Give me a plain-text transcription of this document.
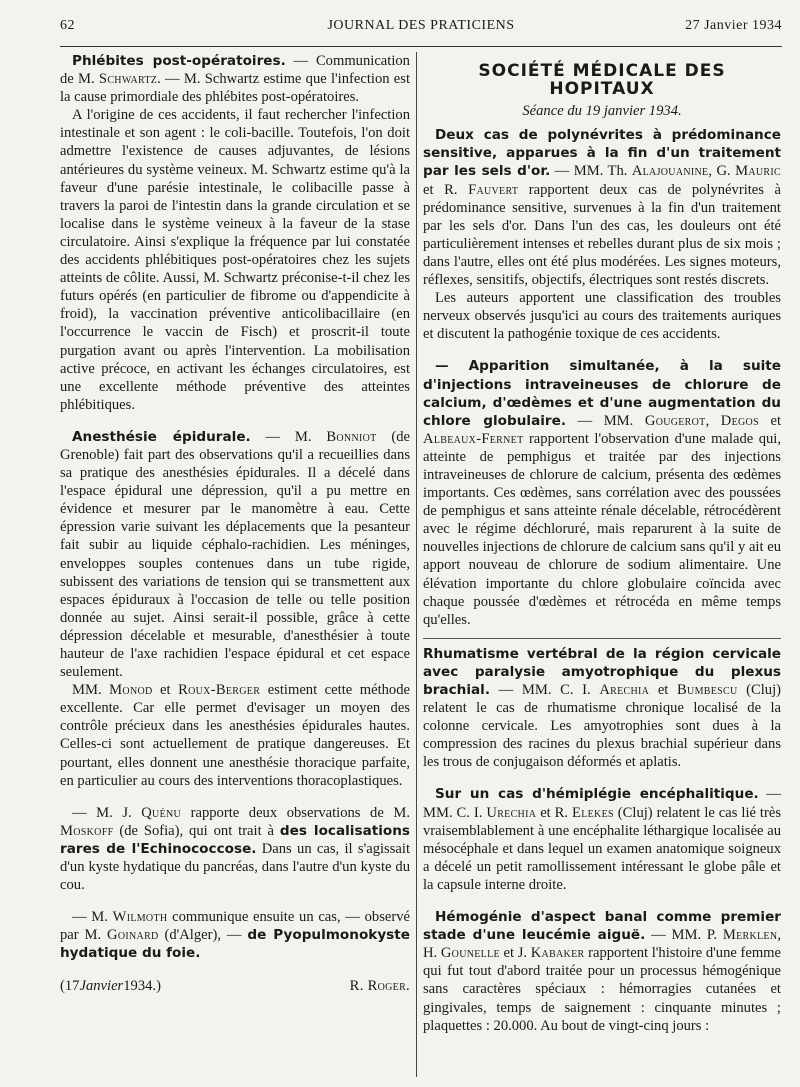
62	JOURNAL DES PRATICIENS	27 Janvier 1934

Phlébites post-opératoires. — Communication de M. Schwartz. — M. Schwartz estime que l'infection est la cause primordiale des phlébites post-opératoires.

A l'origine de ces accidents, il faut rechercher l'infection intestinale et son agent : le coli-bacille. Toutefois, l'on doit admettre l'existence de causes adjuvantes, de lésions antérieures du système veineux. M. Schwartz estime qu'à la faveur d'une parésie intestinale, le colibacille passe à travers la paroi de l'intestin dans la grande circulation et se localise dans le système veineux à la faveur de la stase circulatoire. Ainsi s'explique la fréquence par lui constatée des accidents phlébitiques post-opératoires chez les sujets atteints de côlite. Aussi, M. Schwartz préconise-t-il chez les futurs opérés (en particulier de fibrome ou d'appendicite à froid), la vaccination préventive anticolibacillaire (en l'occurrence le vaccin de Fisch) et proscrit-il toute purgation avant ou après l'intervention. La mobilisation active précoce, en activant les échanges circulatoires, est une excellente méthode préventive des atteintes phlébitiques.

Anesthésie épidurale. — M. Bonniot (de Grenoble) fait part des observations qu'il a recueillies dans sa pratique des anesthésies épidurales. Il a décelé dans l'espace épidural une dépression, qu'il a pu mettre en évidence et mesurer par le manomètre à eau. Cette épression varie suivant les déplacements que la pesanteur fait subir au liquide céphalo-rachidien. Les méninges, enveloppes souples contenues dans un tube rigide, subissent des variations de tension qui se transmettent aux espaces épiduraux à l'occasion de telle ou telle position donnée au sujet. Ainsi serait-il possible, grâce à cette dépression décelable et mesurable, d'anesthésier à toute hauteur de l'axe rachidien l'espace épidural et cet espace seulement.

MM. Monod et Roux-Berger estiment cette méthode excellente. Car elle permet d'evisager un moyen des contrôle précieux dans les anesthésies épidurales hautes. Celles-ci sont actuellement de pratique dangereuses. Et pourtant, elles donnent une anesthésie thoracique parfaite, en particulier au cours des interventions thoracoplastiques.

— M. J. Quénu rapporte deux observations de M. Moskoff (de Sofia), qui ont trait à des localisations rares de l'Echinococcose. Dans un cas, il s'agissait d'un kyste hydatique du pancréas, dans l'autre d'un kyste du cou.

— M. Wilmoth communique ensuite un cas, — observé par M. Goinard (d'Alger), — de Pyopulmonokyste hydatique du foie.

(17Janvier1934.)	R. Roger.
SOCIÉTÉ MÉDICALE DES HOPITAUX
Séance du 19 janvier 1934.

Deux cas de polynévrites à prédominance sensitive, apparues à la fin d'un traitement par les sels d'or. — MM. Th. Alajouanine, G. Mauric et R. Fauvert rapportent deux cas de polynévrites à prédominance sensitive, survenues à la fin d'un traitement par les sels d'or. Dans l'un des cas, les douleurs ont été particulièrement intenses et rebelles durant plus de six mois ; dans l'autre, elles ont été plus modérées. Les signes moteurs, réflexes, sensitifs, objectifs, électriques sont restés discrets.

Les auteurs apportent une classification des troubles nerveux observés jusqu'ici au cours des traitements auriques et discutent la pathogénie toxique de ces accidents.

— Apparition simultanée, à la suite d'injections intraveineuses de chlorure de calcium, d'œdèmes et d'une augmentation du chlore globulaire. — MM. Gougerot, Degos et Albeaux-Fernet rapportent l'observation d'une malade qui, atteinte de pemphigus et traitée par des injections intraveineuses de chlorure de calcium, présenta des œdèmes importants. Ces œdèmes, sans corrélation avec des poussées de pemphigus et sans atteinte rénale décelable, rétrocédèrent avec le régime déchloruré, mais reparurent à la suite de nouvelles injections de chlorure de calcium sans qu'il y ait eu apport nouveau de chlorure de sodium alimentaire. Une élévation importante du chlore globulaire coïncida avec chaque poussée d'œdèmes et rétrocéda en même temps qu'elles.

Rhumatisme vertébral de la région cervicale avec paralysie amyotrophique du plexus brachial. — MM. C. I. Arechia et Bumbescu (Cluj) relatent le cas de rhumatisme chronique localisé de la colonne cervicale. Les amyotrophies sont dues à la compression des racines du plexus brachial supérieur dans les trous de conjugaison déformés et aplatis.

Sur un cas d'hémiplégie encéphalitique. — MM. C. I. Urechia et R. Elekes (Cluj) relatent le cas lié très vraisemblablement à une encéphalite léthargique localisée au mésocéphale et dans lequel un examen anatomique soigneux a décelé un petit ramollissement intéressant le globe pâle et la capsule interne droite.

Hémogénie d'aspect banal comme premier stade d'une leucémie aiguë. — MM. P. Merklen, H. Gounelle et J. Kabaker rapportent l'histoire d'une femme qui fut tout d'abord traitée pour un processus hémogénique sans caractères spéciaux : hémorragies cutanées et gingivales, temps de saignement : cinquante minutes ; plaquettes : 20.000. Au bout de vingt-cinq jours :
